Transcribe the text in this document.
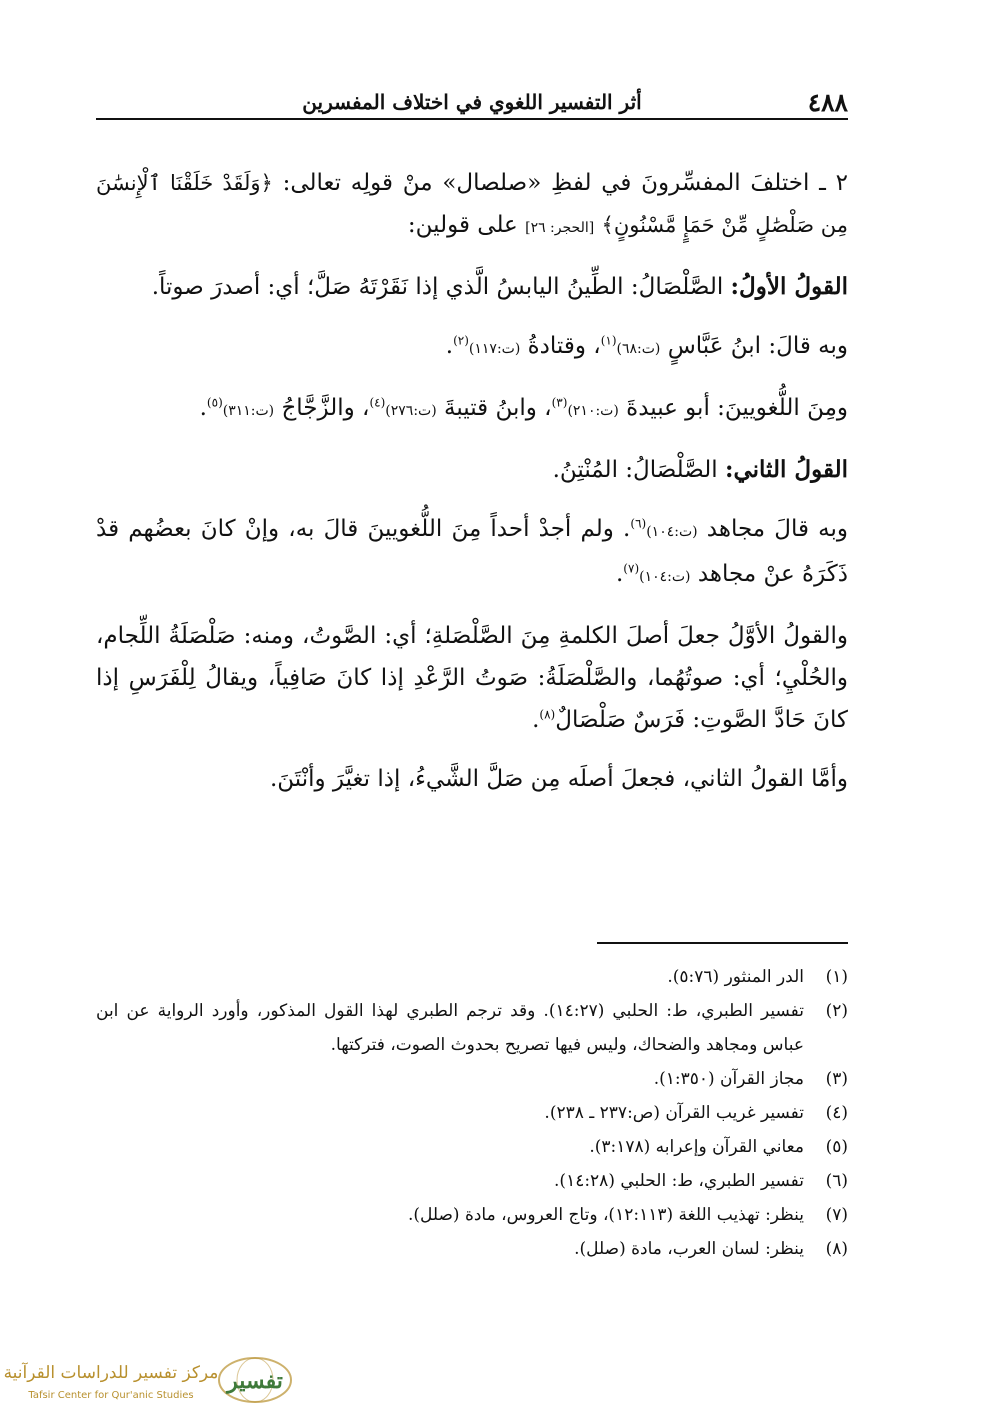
٤٨٨
أثر التفسير اللغوي في اختلاف المفسرين

٢ ـ اختلفَ المفسِّرونَ في لفظِ «صلصال» منْ قولِه تعالى: ﴿وَلَقَدْ خَلَقْنَا ٱلْإِنسَٰنَ مِن صَلْصَٰلٍ مِّنْ حَمَإٍ مَّسْنُونٍ﴾ [الحجر: ٢٦] على قولين:

القولُ الأولُ: الصَّلْصَالُ: الطِّينُ اليابسُ الَّذي إذا نَقَرْتَهُ صَلَّ؛ أي: أصدرَ صوتاً.

وبه قالَ: ابنُ عَبَّاسٍ (ت:٦٨)$^{(١)}$، وقتادةُ (ت:١١٧)$^{(٢)}$.

ومِنَ اللُّغويينَ: أبو عبيدةَ (ت:٢١٠)$^{(٣)}$، وابنُ قتيبةَ (ت:٢٧٦)$^{(٤)}$، والزَّجَّاجُ (ت:٣١١)$^{(٥)}$.

القولُ الثاني: الصَّلْصَالُ: المُنْتِنُ.

وبه قالَ مجاهد (ت:١٠٤)$^{(٦)}$. ولم أجدْ أحداً مِنَ اللُّغويينَ قالَ به، وإنْ كانَ بعضُهم قدْ ذَكَرَهُ عنْ مجاهد (ت:١٠٤)$^{(٧)}$.

والقولُ الأوَّلُ جعلَ أصلَ الكلمةِ مِنَ الصَّلْصَلةِ؛ أي: الصَّوتُ، ومنه: صَلْصَلَةُ اللِّجام، والحُلْيِ؛ أي: صوتُهُما، والصَّلْصَلَةُ: صَوتُ الرَّعْدِ إذا كانَ صَافِياً، ويقالُ لِلْفَرَسِ إذا كانَ حَادَّ الصَّوتِ: فَرَسٌ صَلْصَالٌ$^{(٨)}$.

وأمَّا القولُ الثاني، فجعلَ أصلَه مِن صَلَّ الشَّيءُ، إذا تغيَّرَ وأنْتَنَ.

(١)
الدر المنثور (٥:٧٦).
(٢)
تفسير الطبري، ط: الحلبي (١٤:٢٧). وقد ترجم الطبري لهذا القول المذكور، وأورد الرواية عن ابن عباس ومجاهد والضحاك، وليس فيها تصريح بحدوث الصوت، فتركتها.
(٣)
مجاز القرآن (١:٣٥٠).
(٤)
تفسير غريب القرآن (ص:٢٣٧ ـ ٢٣٨).
(٥)
معاني القرآن وإعرابه (٣:١٧٨).
(٦)
تفسير الطبري، ط: الحلبي (١٤:٢٨).
(٧)
ينظر: تهذيب اللغة (١٢:١١٣)، وتاج العروس، مادة (صلل).
(٨)
ينظر: لسان العرب، مادة (صلل).
تفسير
مركز تفسير للدراسات القرآنية
Tafsir Center for Qur'anic Studies
